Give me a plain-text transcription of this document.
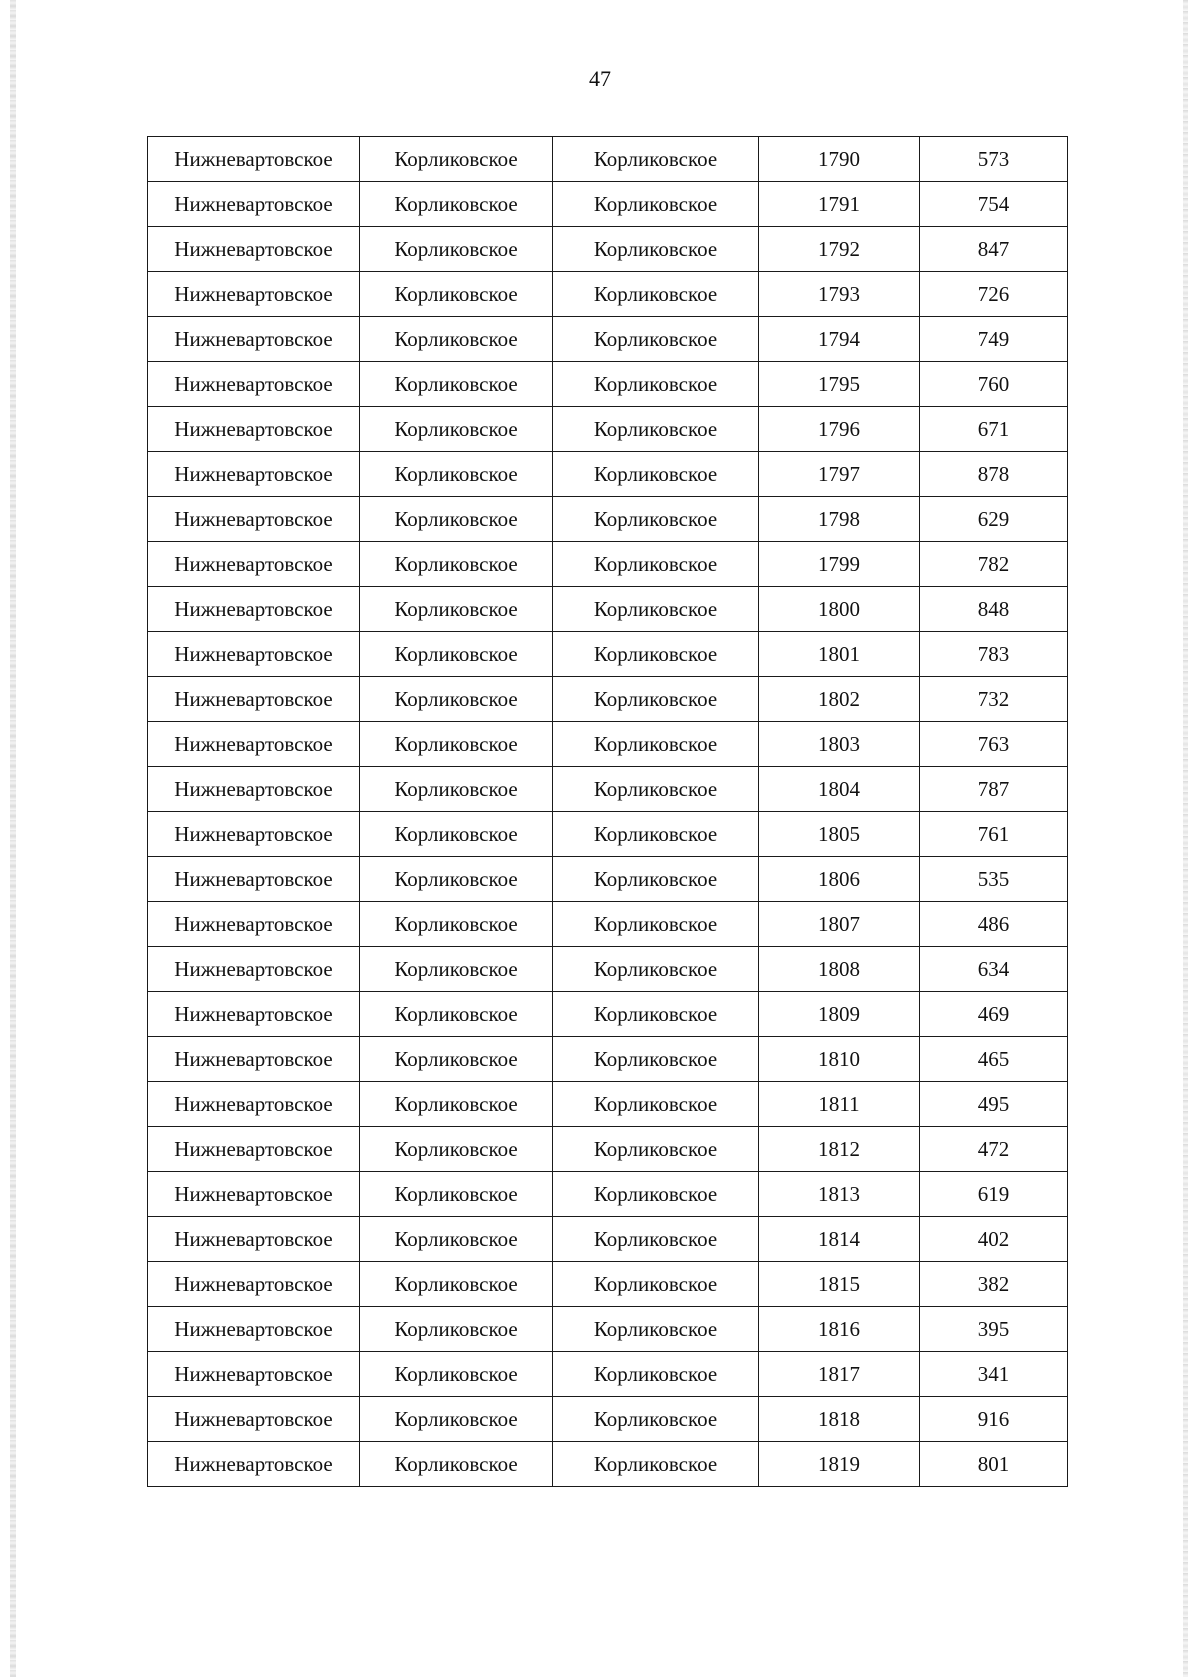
47
Нижневартовское	Корликовское	Корликовское	1790	573
Нижневартовское	Корликовское	Корликовское	1791	754
Нижневартовское	Корликовское	Корликовское	1792	847
Нижневартовское	Корликовское	Корликовское	1793	726
Нижневартовское	Корликовское	Корликовское	1794	749
Нижневартовское	Корликовское	Корликовское	1795	760
Нижневартовское	Корликовское	Корликовское	1796	671
Нижневартовское	Корликовское	Корликовское	1797	878
Нижневартовское	Корликовское	Корликовское	1798	629
Нижневартовское	Корликовское	Корликовское	1799	782
Нижневартовское	Корликовское	Корликовское	1800	848
Нижневартовское	Корликовское	Корликовское	1801	783
Нижневартовское	Корликовское	Корликовское	1802	732
Нижневартовское	Корликовское	Корликовское	1803	763
Нижневартовское	Корликовское	Корликовское	1804	787
Нижневартовское	Корликовское	Корликовское	1805	761
Нижневартовское	Корликовское	Корликовское	1806	535
Нижневартовское	Корликовское	Корликовское	1807	486
Нижневартовское	Корликовское	Корликовское	1808	634
Нижневартовское	Корликовское	Корликовское	1809	469
Нижневартовское	Корликовское	Корликовское	1810	465
Нижневартовское	Корликовское	Корликовское	1811	495
Нижневартовское	Корликовское	Корликовское	1812	472
Нижневартовское	Корликовское	Корликовское	1813	619
Нижневартовское	Корликовское	Корликовское	1814	402
Нижневартовское	Корликовское	Корликовское	1815	382
Нижневартовское	Корликовское	Корликовское	1816	395
Нижневартовское	Корликовское	Корликовское	1817	341
Нижневартовское	Корликовское	Корликовское	1818	916
Нижневартовское	Корликовское	Корликовское	1819	801
